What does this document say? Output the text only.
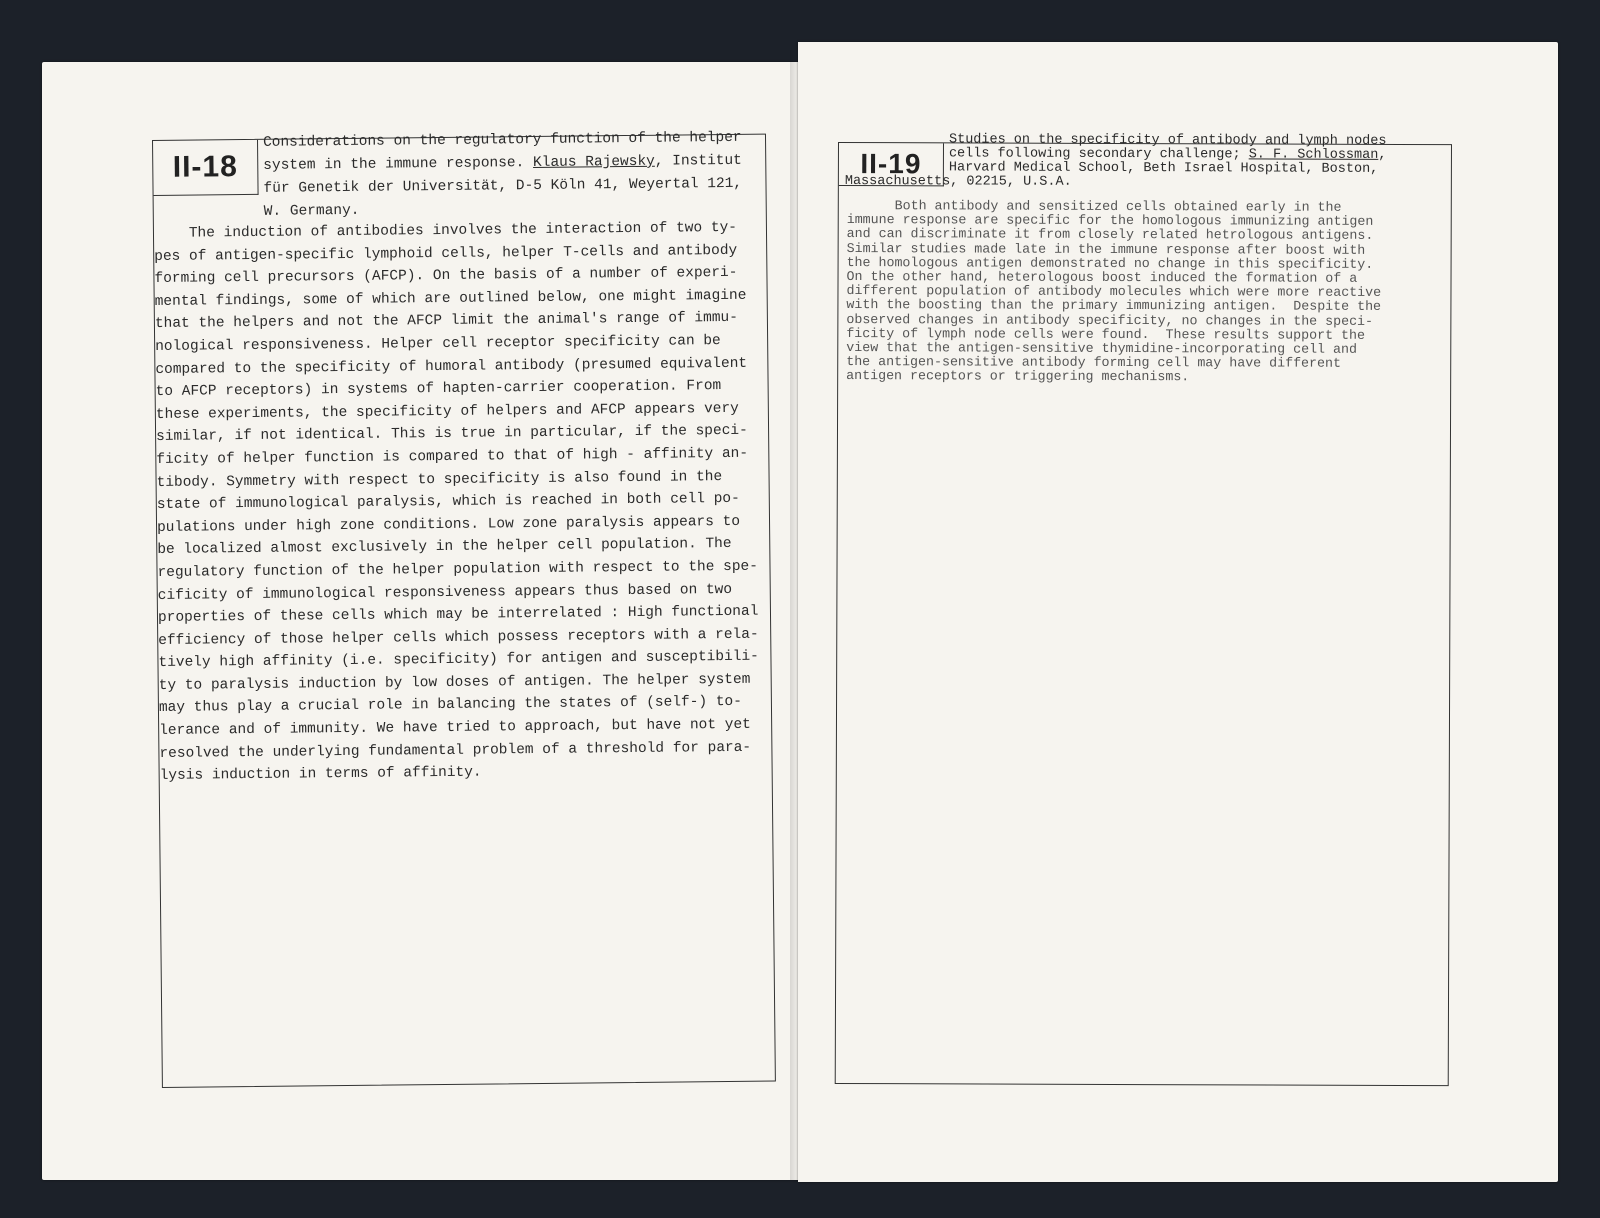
II-18
Considerations on the regulatory function of the helper
system in the immune response. Klaus Rajewsky, Institut
für Genetik der Universität, D-5 Köln 41, Weyertal 121,
W. Germany.
The induction of antibodies involves the interaction of two ty-
pes of antigen-specific lymphoid cells, helper T-cells and antibody
forming cell precursors (AFCP). On the basis of a number of experi-
mental findings, some of which are outlined below, one might imagine
that the helpers and not the AFCP limit the animal's range of immu-
nological responsiveness. Helper cell receptor specificity can be
compared to the specificity of humoral antibody (presumed equivalent
to AFCP receptors) in systems of hapten-carrier cooperation. From
these experiments, the specificity of helpers and AFCP appears very
similar, if not identical. This is true in particular, if the speci-
ficity of helper function is compared to that of high - affinity an-
tibody. Symmetry with respect to specificity is also found in the
state of immunological paralysis, which is reached in both cell po-
pulations under high zone conditions. Low zone paralysis appears to
be localized almost exclusively in the helper cell population. The
regulatory function of the helper population with respect to the spe-
cificity of immunological responsiveness appears thus based on two
properties of these cells which may be interrelated : High functional
efficiency of those helper cells which possess receptors with a rela-
tively high affinity (i.e. specificity) for antigen and susceptibili-
ty to paralysis induction by low doses of antigen. The helper system
may thus play a crucial role in balancing the states of (self-) to-
lerance and of immunity. We have tried to approach, but have not yet
resolved the underlying fundamental problem of a threshold for para-
lysis induction in terms of affinity.
II-19
Studies on the specificity of antibody and lymph nodes
cells following secondary challenge; S. F. Schlossman,
Harvard Medical School, Beth Israel Hospital, Boston,
Massachusetts, 02215, U.S.A.
Both antibody and sensitized cells obtained early in the
immune response are specific for the homologous immunizing antigen
and can discriminate it from closely related hetrologous antigens.
Similar studies made late in the immune response after boost with
the homologous antigen demonstrated no change in this specificity.
On the other hand, heterologous boost induced the formation of a
different population of antibody molecules which were more reactive
with the boosting than the primary immunizing antigen.  Despite the
observed changes in antibody specificity, no changes in the speci-
ficity of lymph node cells were found.  These results support the
view that the antigen-sensitive thymidine-incorporating cell and
the antigen-sensitive antibody forming cell may have different
antigen receptors or triggering mechanisms.
